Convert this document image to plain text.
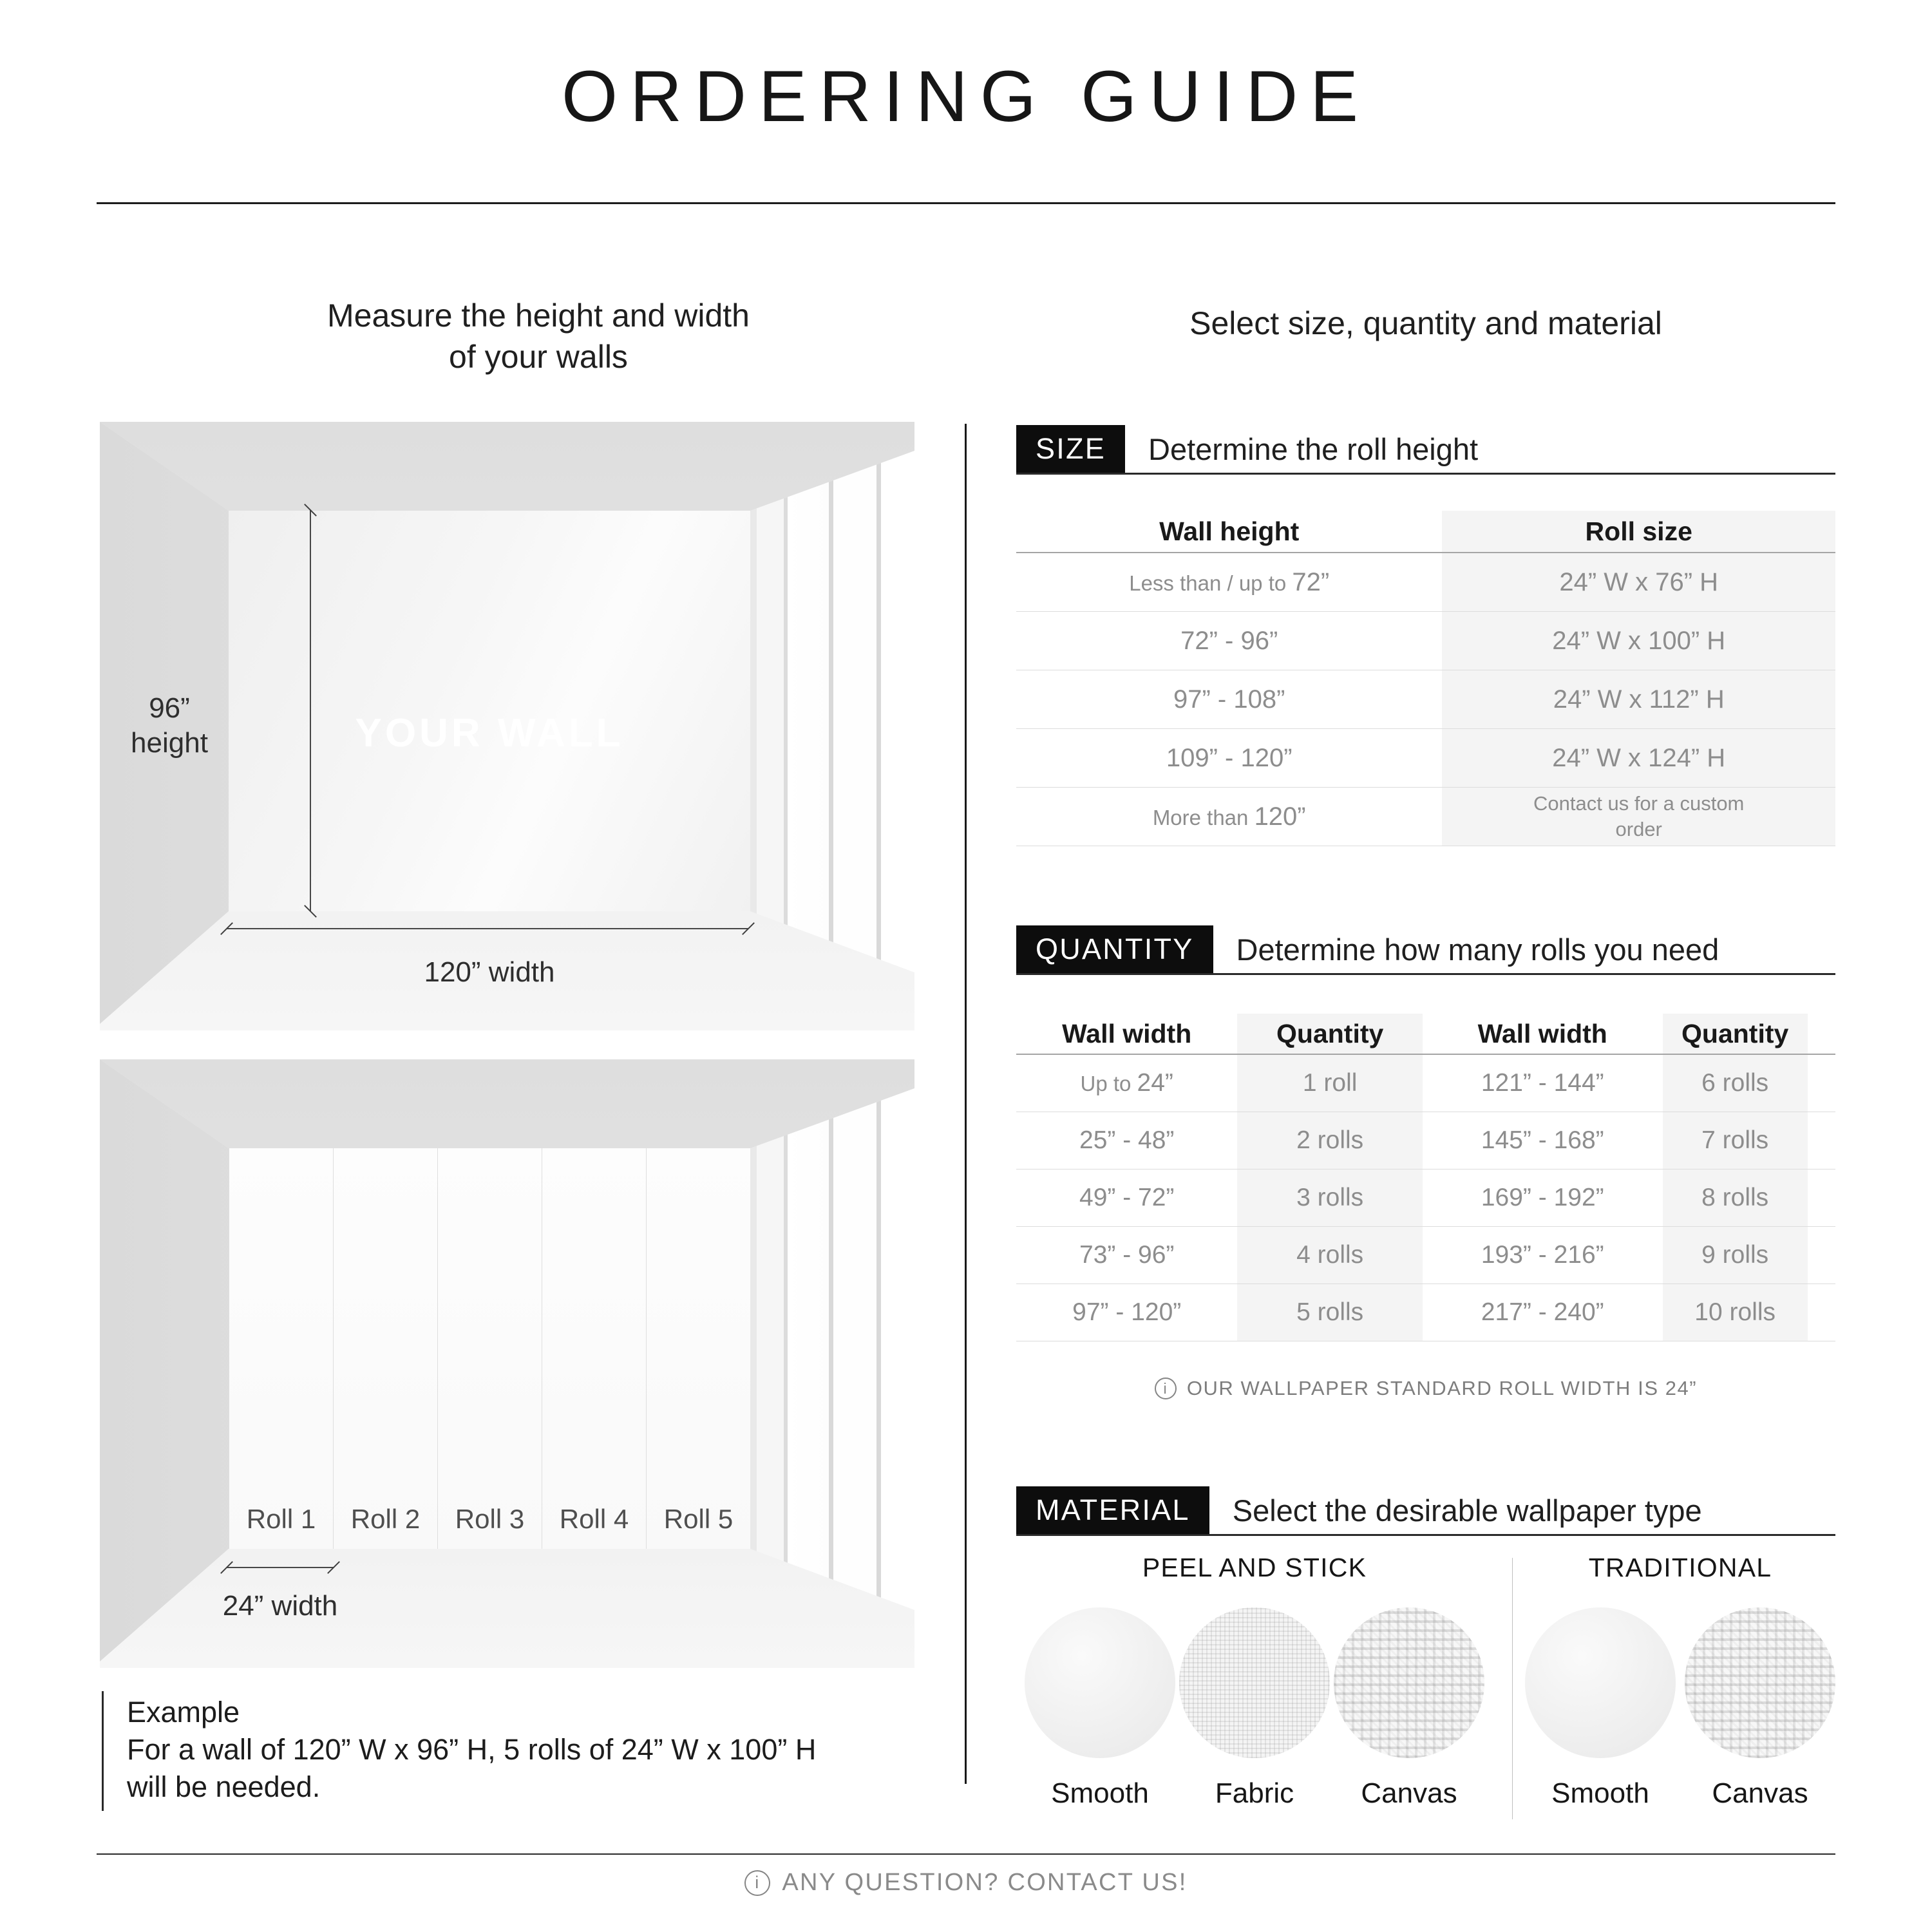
ORDERING GUIDE
Measure the height and width
of your walls
Select size, quantity and material
YOUR WALL
96”
height
120” width
Roll 1 Roll 2 Roll 3 Roll 4 Roll 5
24” width
Example
For a wall of 120” W x 96” H, 5 rolls of 24” W x 100” H
will be needed.
SIZE	Determine the roll height
Wall height	Roll size
Less than / up to 72”	24” W x 76” H
72” - 96”	24” W x 100” H
97” - 108”	24” W x 112” H
109” - 120”	24” W x 124” H
More than 120”	Contact us for a custom order
QUANTITY	Determine how many rolls you need
Wall width	Quantity	Wall width	Quantity
Up to 24”	1 roll	121” - 144”	6 rolls
25” - 48”	2 rolls	145” - 168”	7 rolls
49” - 72”	3 rolls	169” - 192”	8 rolls
73” - 96”	4 rolls	193” - 216”	9 rolls
97” - 120”	5 rolls	217” - 240”	10 rolls
i
OUR WALLPAPER STANDARD ROLL WIDTH IS 24”
MATERIAL	Select the desirable wallpaper type
PEEL AND STICK
Smooth Fabric Canvas
TRADITIONAL
Smooth Canvas
i
ANY QUESTION? CONTACT US!
